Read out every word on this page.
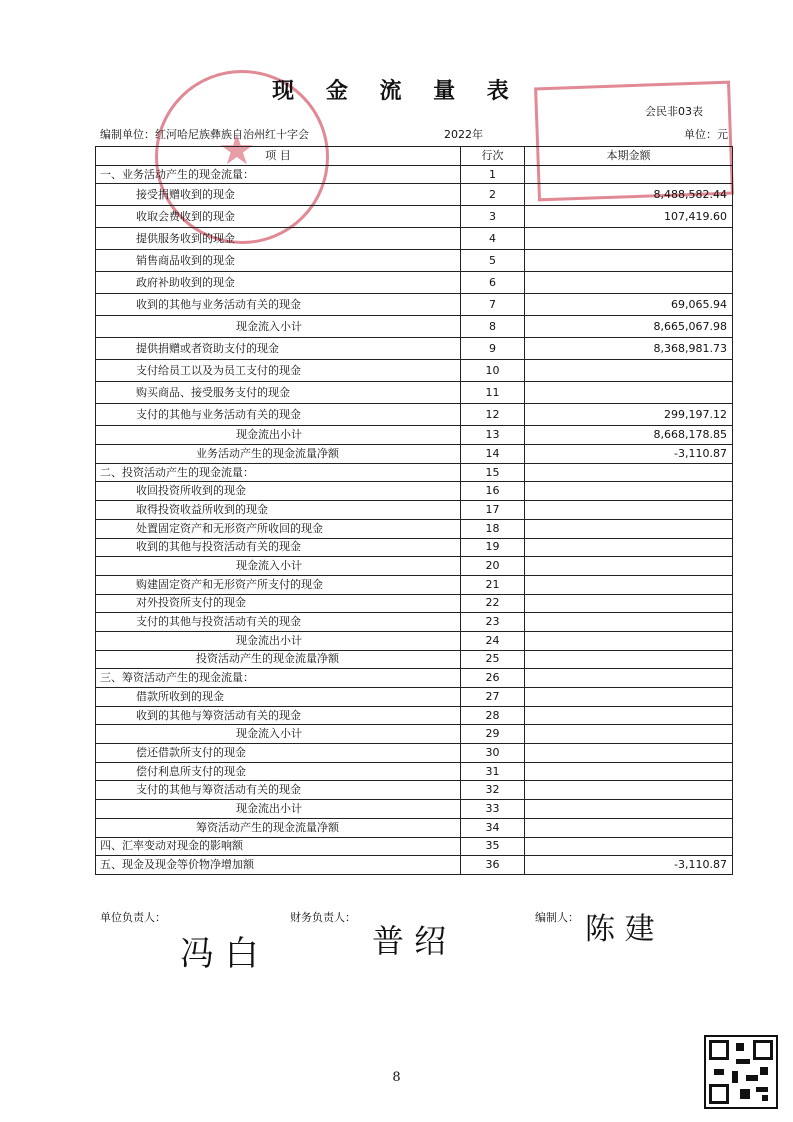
★
现 金 流 量 表
会民非03表
编制单位：红河哈尼族彝族自治州红十字会	2022年	单位：元
项 目	行次	本期金额
一、业务活动产生的现金流量：	1	
接受捐赠收到的现金	2	8,488,582.44
收取会费收到的现金	3	107,419.60
提供服务收到的现金	4	
销售商品收到的现金	5	
政府补助收到的现金	6	
收到的其他与业务活动有关的现金	7	69,065.94
现金流入小计	8	8,665,067.98
提供捐赠或者资助支付的现金	9	8,368,981.73
支付给员工以及为员工支付的现金	10	
购买商品、接受服务支付的现金	11	
支付的其他与业务活动有关的现金	12	299,197.12
现金流出小计	13	8,668,178.85
业务活动产生的现金流量净额	14	-3,110.87
二、投资活动产生的现金流量：	15	
收回投资所收到的现金	16	
取得投资收益所收到的现金	17	
处置固定资产和无形资产所收回的现金	18	
收到的其他与投资活动有关的现金	19	
现金流入小计	20	
购建固定资产和无形资产所支付的现金	21	
对外投资所支付的现金	22	
支付的其他与投资活动有关的现金	23	
现金流出小计	24	
投资活动产生的现金流量净额	25	
三、筹资活动产生的现金流量：	26	
借款所收到的现金	27	
收到的其他与筹资活动有关的现金	28	
现金流入小计	29	
偿还借款所支付的现金	30	
偿付利息所支付的现金	31	
支付的其他与筹资活动有关的现金	32	
现金流出小计	33	
筹资活动产生的现金流量净额	34	
四、汇率变动对现金的影响额	35	
五、现金及现金等价物净增加额	36	-3,110.87
单位负责人：	财务负责人：	编制人：
冯 白	普 绍	陈 建
8
